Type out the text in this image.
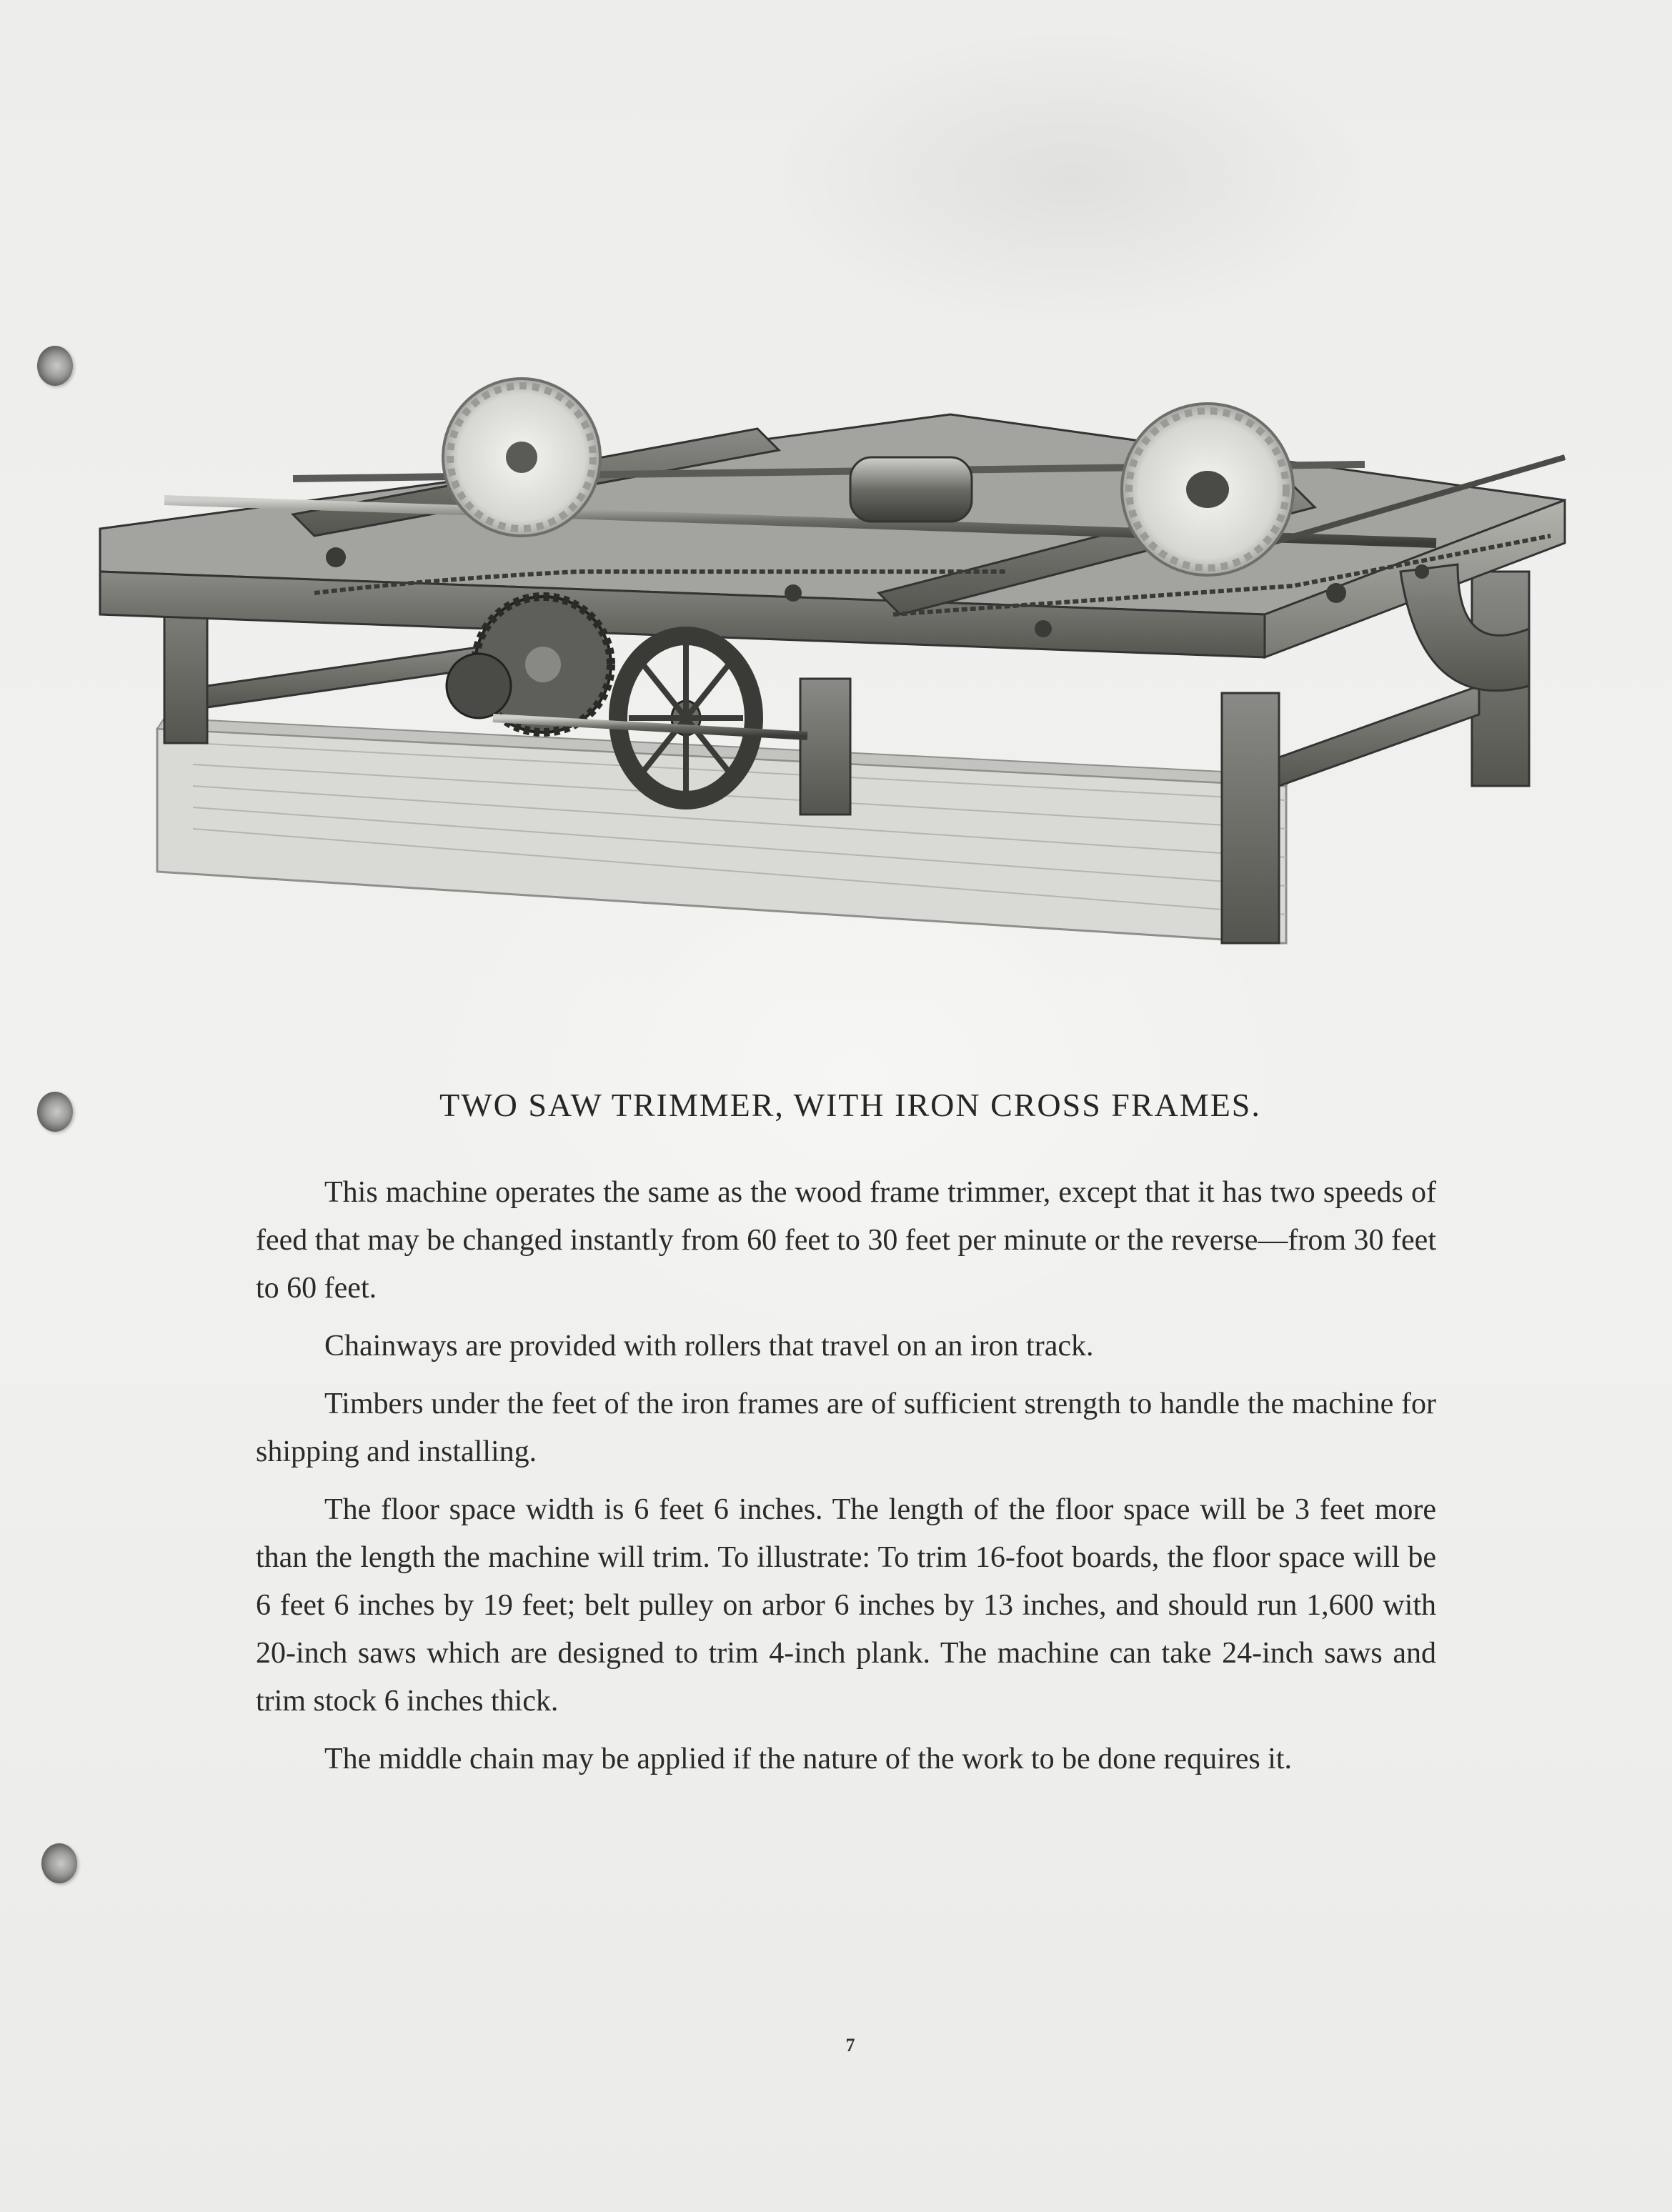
TWO SAW TRIMMER, WITH IRON CROSS FRAMES.

This machine operates the same as the wood frame trimmer, except that it has two speeds of feed that may be changed instantly from 60 feet to 30 feet per minute or the reverse—from 30 feet to 60 feet.

Chainways are provided with rollers that travel on an iron track.

Timbers under the feet of the iron frames are of sufficient strength to handle the machine for shipping and installing.

The floor space width is 6 feet 6 inches. The length of the floor space will be 3 feet more than the length the machine will trim. To illustrate: To trim 16-foot boards, the floor space will be 6 feet 6 inches by 19 feet; belt pulley on arbor 6 inches by 13 inches, and should run 1,600 with 20-inch saws which are designed to trim 4-inch plank. The machine can take 24-inch saws and trim stock 6 inches thick.

The middle chain may be applied if the nature of the work to be done requires it.

7
